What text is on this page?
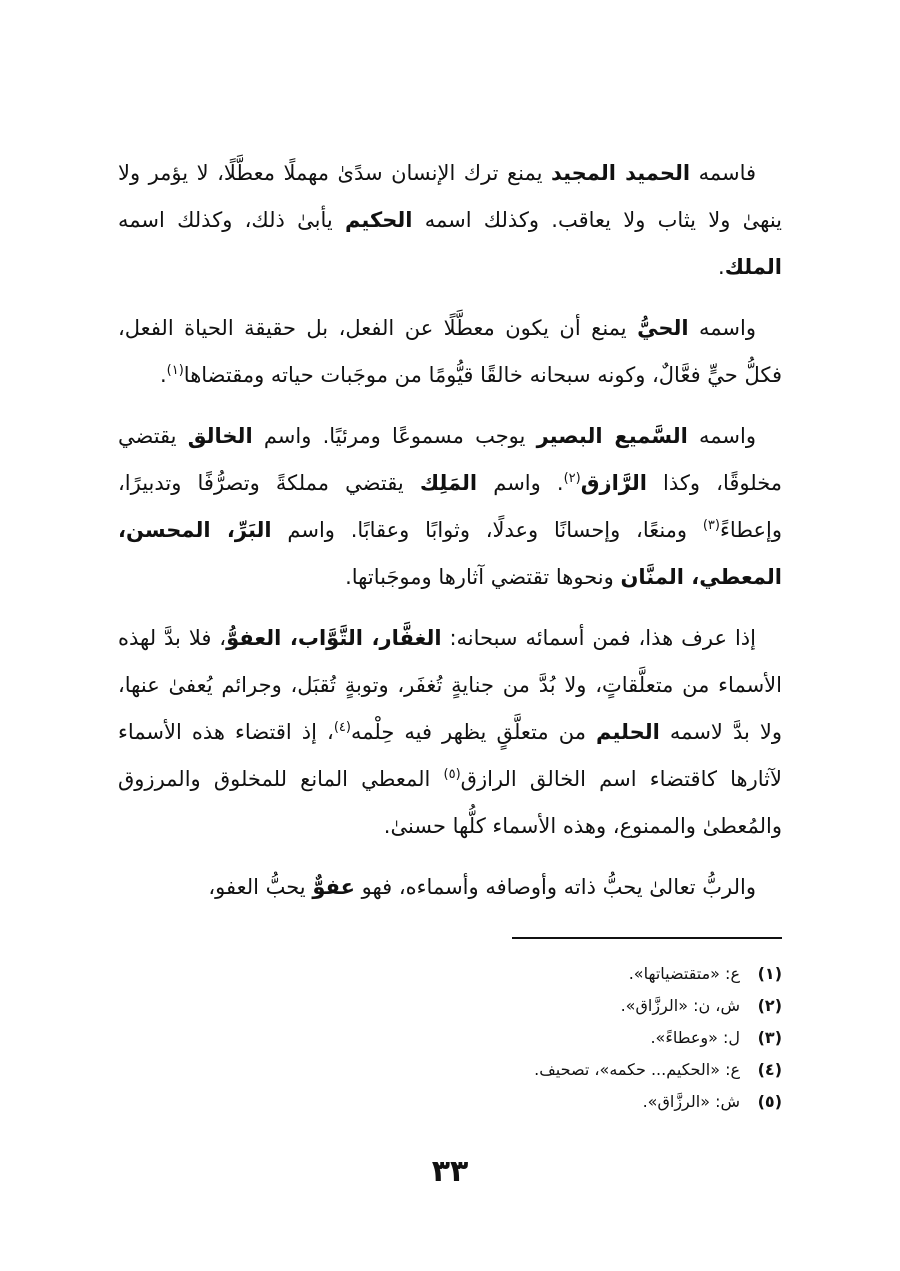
فاسمه الحميد المجيد يمنع ترك الإنسان سدًىٰ مهملًا معطَّلًا، لا يؤمر ولا ينهىٰ ولا يثاب ولا يعاقب. وكذلك اسمه الحكيم يأبىٰ ذلك، وكذلك اسمه الملك.

واسمه الحيُّ يمنع أن يكون معطَّلًا عن الفعل، بل حقيقة الحياة الفعل، فكلُّ حيٍّ فعَّالٌ، وكونه سبحانه خالقًا قيُّومًا من موجَبات حياته ومقتضاها$^{(١)}$.

واسمه السَّميع البصير يوجب مسموعًا ومرئيًا. واسم الخالق يقتضي مخلوقًا، وكذا الرَّازق$^{(٢)}$. واسم المَلِك يقتضي مملكةً وتصرُّفًا وتدبيرًا، وإعطاءً$^{(٣)}$ ومنعًا، وإحسانًا وعدلًا، وثوابًا وعقابًا. واسم البَرِّ، المحسن، المعطي، المنَّان ونحوها تقتضي آثارها وموجَباتها.

إذا عرف هذا، فمن أسمائه سبحانه: الغفَّار، التَّوَّاب، العفوُّ، فلا بدَّ لهذه الأسماء من متعلَّقاتٍ، ولا بُدَّ من جنايةٍ تُغفَر، وتوبةٍ تُقبَل، وجرائم يُعفىٰ عنها، ولا بدَّ لاسمه الحليم من متعلَّقٍ يظهر فيه حِلْمه$^{(٤)}$، إذ اقتضاء هذه الأسماء لآثارها كاقتضاء اسم الخالق الرازق$^{(٥)}$ المعطي المانع للمخلوق والمرزوق والمُعطىٰ والممنوع، وهذه الأسماء كلُّها حسنىٰ.

والربُّ تعالىٰ يحبُّ ذاته وأوصافه وأسماءه، فهو عفوٌّ يحبُّ العفو،

(١)
ع: «متقتضياتها».
(٢)
ش، ن: «الرزَّاق».
(٣)
ل: «وعطاءً».
(٤)
ع: «الحكيم... حكمه»، تصحيف.
(٥)
ش: «الرزَّاق».
٣٣
